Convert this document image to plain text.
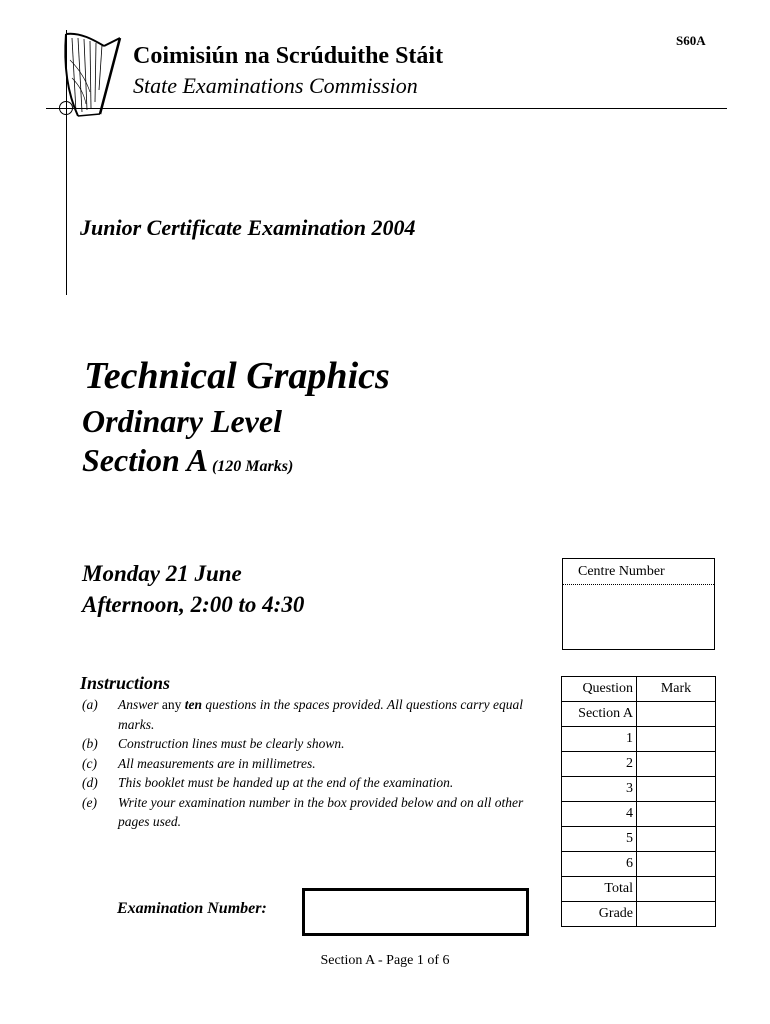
S60A
Coimisiún na Scrúduithe Stáit
State Examinations Commission
Junior Certificate Examination 2004
Technical Graphics
Ordinary Level
Section A (120 Marks)
Monday 21 June
Afternoon, 2:00 to 4:30
Centre Number
Instructions
(a)	Answer any ten questions in the spaces provided. All questions carry equal marks.
(b)	Construction lines must be clearly shown.
(c)	All measurements are in millimetres.
(d)	This booklet must be handed up at the end of the examination.
(e)	Write your examination number in the box provided below and on all other pages used.
Examination Number:
Question	Mark
Section A	
1	
2	
3	
4	
5	
6	
Total	
Grade	
Section A - Page 1 of 6
